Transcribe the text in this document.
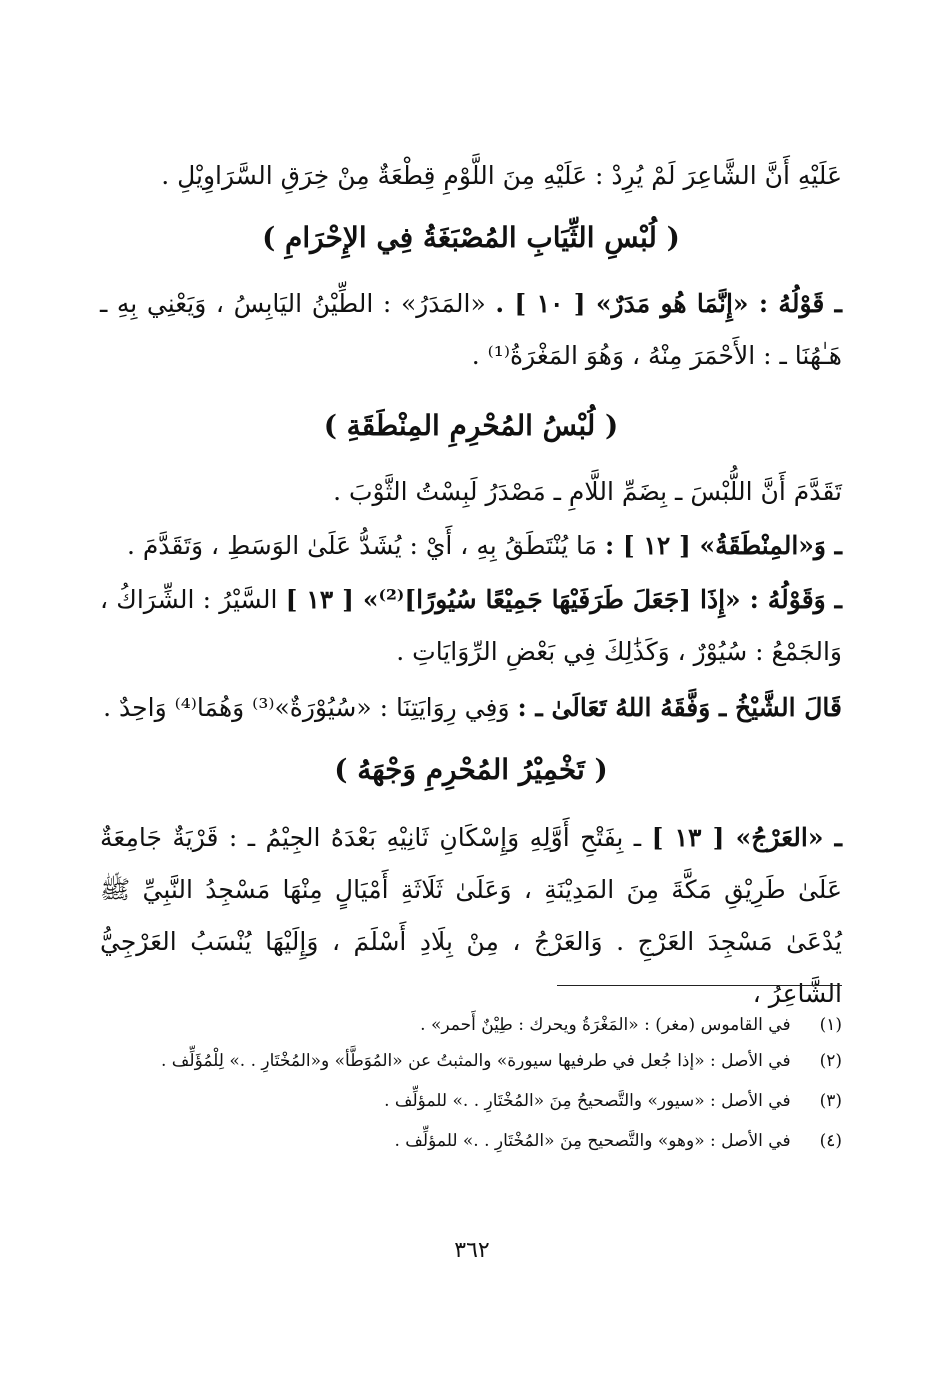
عَلَيْهِ أَنَّ الشَّاعِرَ لَمْ يُرِدْ : عَلَيْهِ مِنَ اللَّوْمِ قِطْعَةٌ مِنْ خِرَقِ السَّرَاوِيْلِ .
( لُبْسِ الثِّيَابِ المُصْبَغَةُ فِي الإِحْرَامِ )
ـ قَوْلُهُ : «إِنَّمَا هُو مَدَرٌ» [ ١٠ ] . «المَدَرُ» : الطِّيْنُ اليَابِسُ ، وَيَعْنِي بِهِ ـ هَـٰهُنَا ـ : الأَحْمَرَ مِنْهُ ، وَهُوَ المَغْرَةُ⁽¹⁾ .
( لُبْسُ المُحْرِمِ المِنْطَقَةِ )
تَقَدَّمَ أَنَّ اللُّبْسَ ـ بِضَمِّ اللَّامِ ـ مَصْدَرُ لَبِسْتُ الثَّوْبَ .
ـ وَ«المِنْطَقَةُ» [ ١٢ ] : مَا يُنْتَطَقُ بِهِ ، أَيْ : يُشَدُّ عَلَىٰ الوَسَطِ ، وَتَقَدَّمَ .
ـ وَقَوْلُهُ : «إِذَا [جَعَلَ طَرَفَيْهَا جَمِيْعًا سُيُورًا]⁽²⁾» [ ١٣ ] السَّيْرُ : الشِّرَاكُ ، وَالجَمْعُ : سُيُوْرٌ ، وَكَذَٰلِكَ فِي بَعْضِ الرِّوَايَاتِ .
قَالَ الشَّيْخُ ـ وَفَّقَهُ اللهُ تَعَالَىٰ ـ : وَفِي رِوَايَتِنَا : «سُيُوْرَةٌ»⁽³⁾ وَهُمَا⁽⁴⁾ وَاحِدٌ .
( تَخْمِيْرُ المُحْرِمِ وَجْهَهُ )
ـ «العَرْجُ» [ ١٣ ] ـ بِفَتْحِ أَوَّلِهِ وَإِسْكَانِ ثَانِيْهِ بَعْدَهُ الجِيْمُ ـ : قَرْيَةٌ جَامِعَةٌ عَلَىٰ طَرِيْقِ مَكَّةَ مِنَ المَدِيْنَةِ ، وَعَلَىٰ ثَلَاثَةِ أَمْيَالٍ مِنْهَا مَسْجِدُ النَّبِيِّ ﷺ يُدْعَىٰ مَسْجِدَ العَرْجِ . وَالعَرْجُ ، مِنْ بِلَادِ أَسْلَمَ ، وَإِلَيْهَا يُنْسَبُ العَرْجِيُّ الشَّاعِرُ ،
(١) في القاموس (مغر) : «المَغْرَةُ ويحرك : طِيْنٌ أَحمر» .
(٢) في الأصل : «إذا جُعل في طرفيها سيورة» والمثبتُ عن «المُوَطَّأ» و«المُخْتَارِ . .» لِلْمُؤَلِّف .
(٣) في الأصل : «سيور» والتَّصحيحُ مِنَ «المُخْتَارِ . .» للمؤلِّف .
(٤) في الأصل : «وهو» والتَّصحيح مِنَ «المُخْتَارِ . .» للمؤلِّف .
٣٦٢
